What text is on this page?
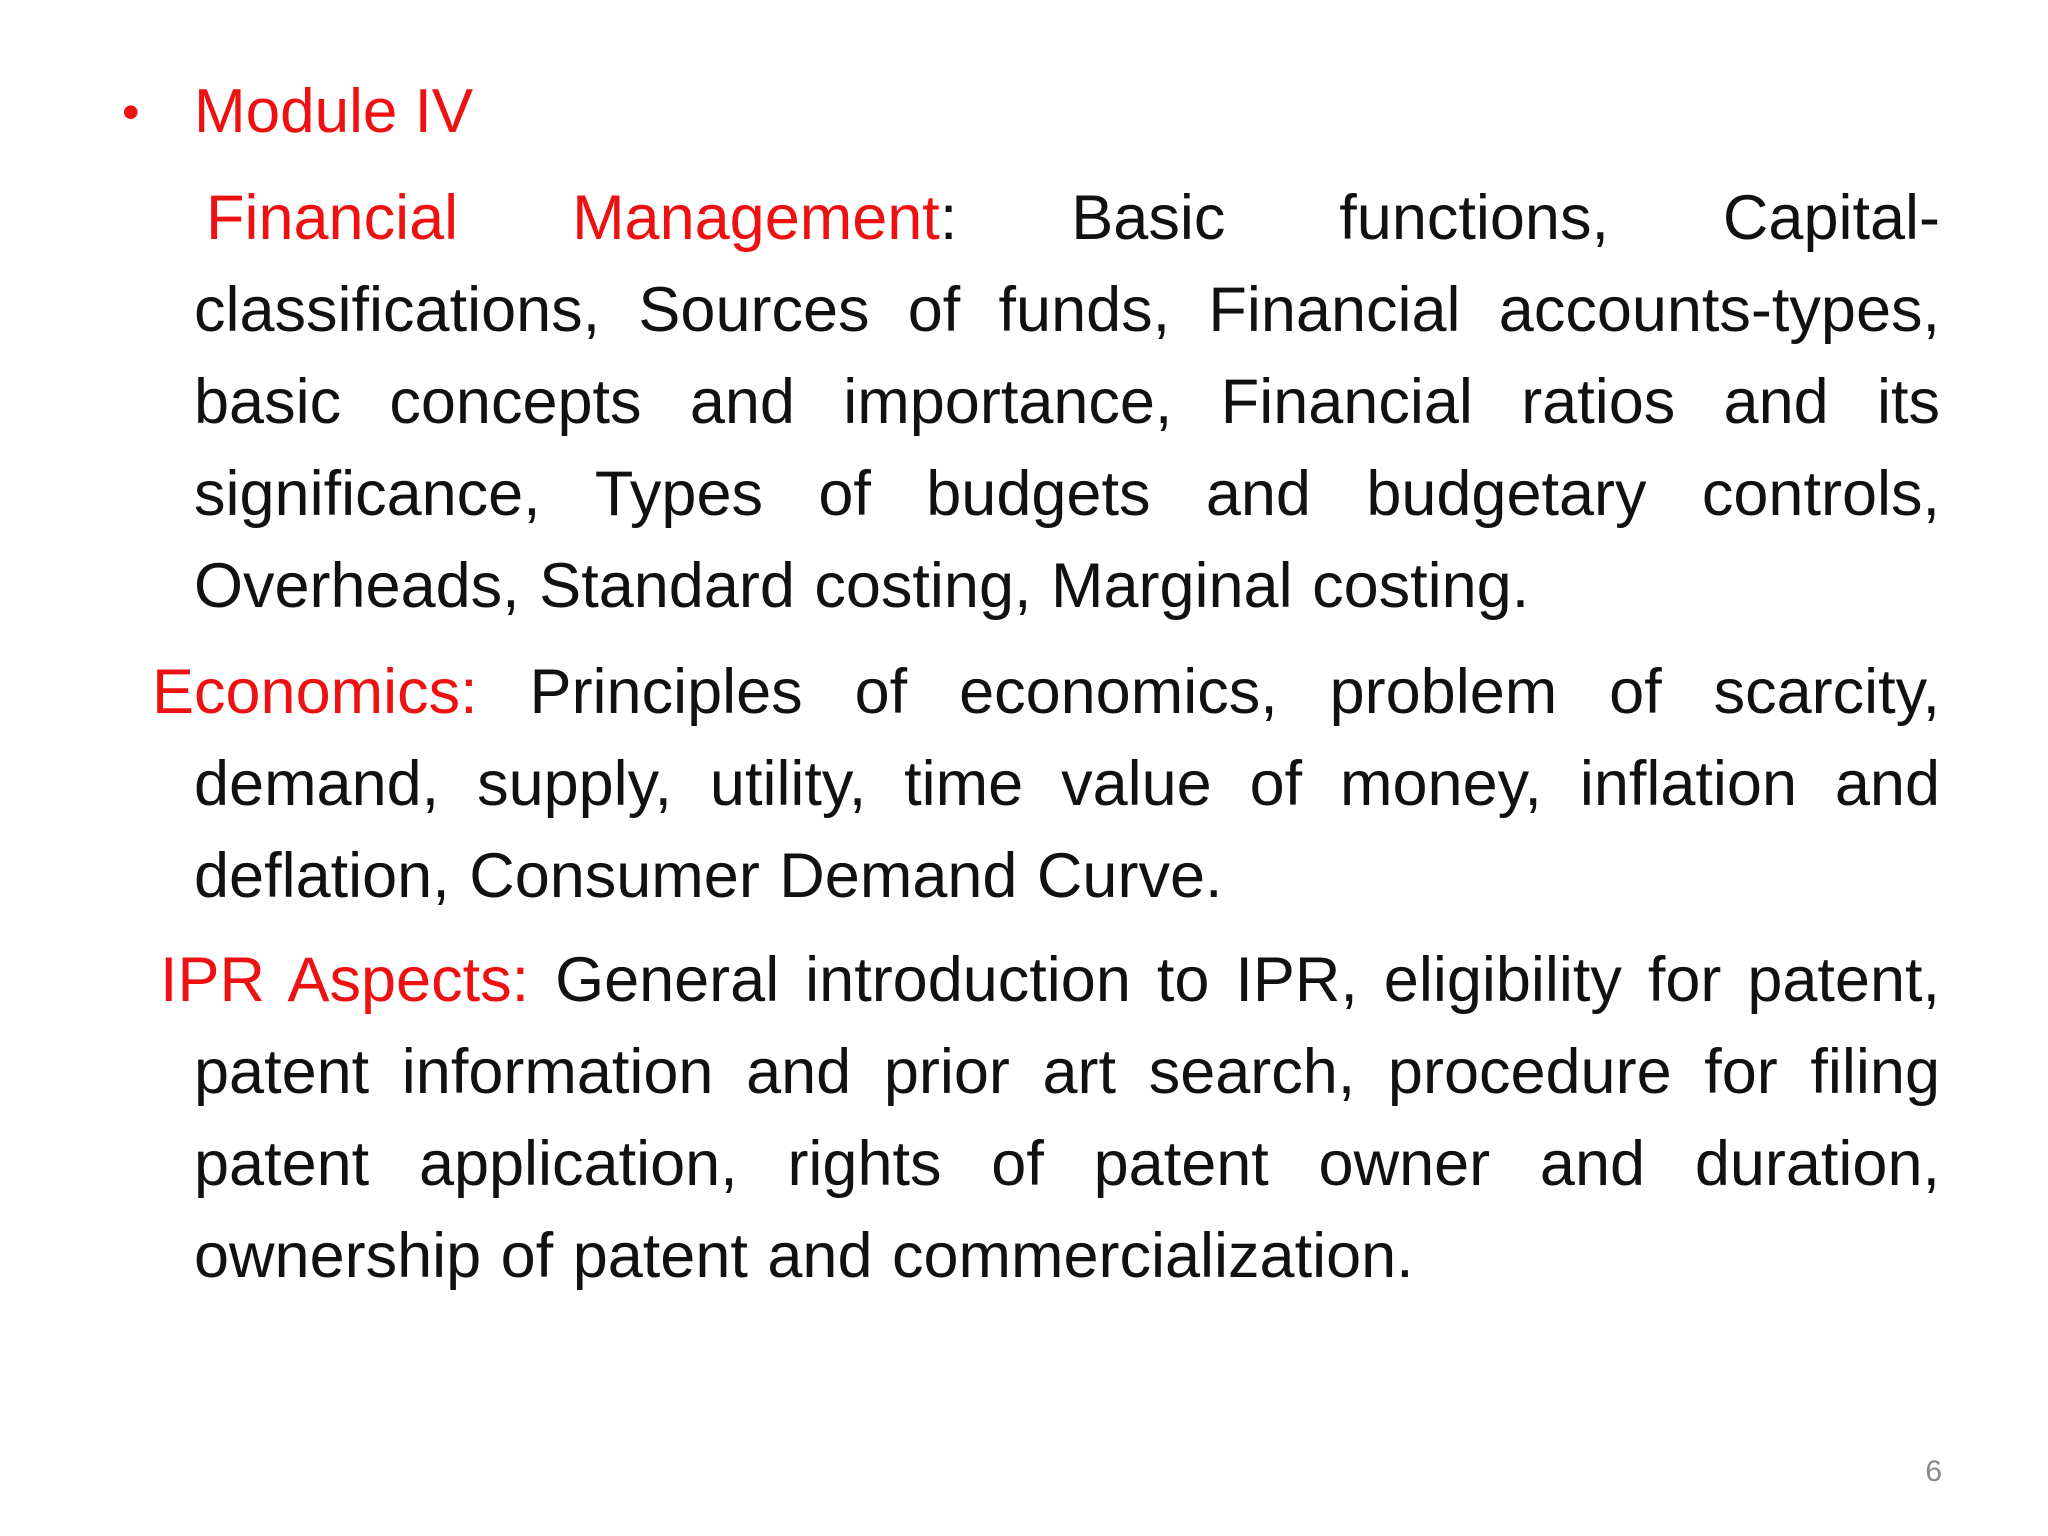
• Module IV
Financial Management: Basic functions, Capital-classifications, Sources of funds, Financial accounts-types, basic concepts and importance, Financial ratios and its significance, Types of budgets and budgetary controls, Overheads, Standard costing, Marginal costing.
Economics: Principles of economics, problem of scarcity, demand, supply, utility, time value of money, inflation and deflation, Consumer Demand Curve.
IPR Aspects: General introduction to IPR, eligibility for patent, patent information and prior art search, procedure for filing patent application, rights of patent owner and duration, ownership of patent and commercialization.
6
